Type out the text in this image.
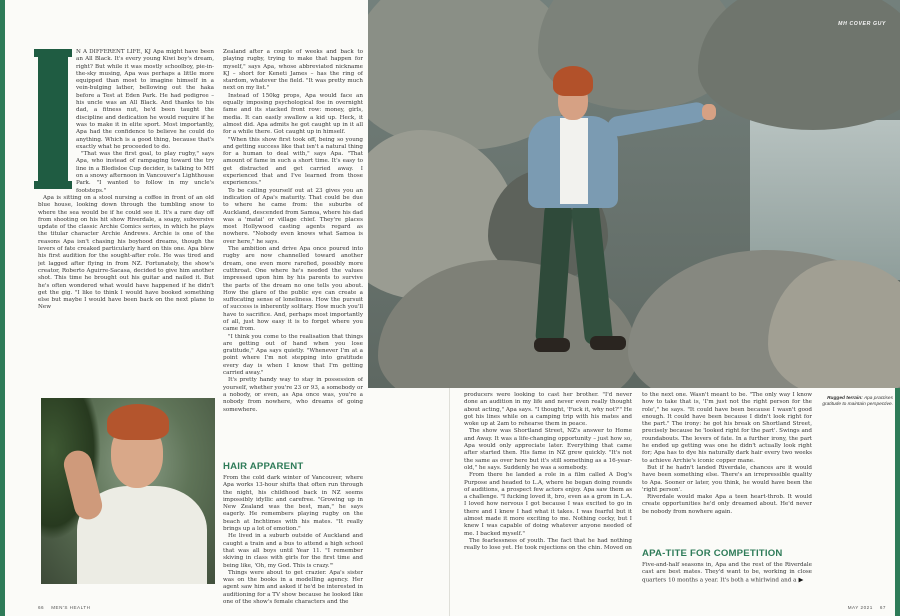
N A DIFFERENT LIFE, KJ Apa might have been an All Black. It's every young Kiwi boy's dream, right? But while it was mostly schoolboy, pie-in-the-sky musing, Apa was perhaps a little more equipped than most to imagine himself in a vein-bulging lather, bellowing out the haka before a Test at Eden Park. He had pedigree – his uncle was an All Black. And thanks to his dad, a fitness nut, he'd been taught the discipline and dedication he would require if he was to make it in elite sport. Most importantly, Apa had the confidence to believe he could do anything. Which is a good thing, because that's exactly what he proceeded to do.

"That was the first goal, to play rugby," says Apa, who instead of rampaging toward the try line in a Bledisloe Cup decider, is talking to MH on a snowy afternoon in Vancouver's Lighthouse Park. "I wanted to follow in my uncle's footsteps."

Apa is sitting on a stool nursing a coffee in front of an old blue house, looking down through the tumbling snow to where the sea would be if he could see it. It's a rare day off from shooting on his hit show Riverdale, a soapy, subversive update of the classic Archie Comics series, in which he plays the titular character Archie Andrews. Archie is one of the reasons Apa isn't chasing his boyhood dreams, though the levers of fate creaked particularly hard on this one. Apa blew his first audition for the sought-after role. He was tired and jet lagged after flying in from NZ. Fortunately, the show's creator, Roberto Aguirre-Sacasa, decided to give him another shot. This time he brought out his guitar and nailed it. But he's often wondered what would have happened if he didn't get the gig. "I like to think I would have booked something else but maybe I would have been back on the next plane to New

Zealand after a couple of weeks and back to playing rugby, trying to make that happen for myself," says Apa, whose abbreviated nickname KJ – short for Keneti James – has the ring of stardom, whatever the field. "It was pretty much next on my list."

Instead of 150kg props, Apa would face an equally imposing psychological foe in overnight fame and its stacked front row: money, girls, media. It can easily swallow a kid up. Heck, it almost did. Apa admits he got caught up in it all for a while there. Got caught up in himself.

"When this show first took off, being so young and getting success like that isn't a natural thing for a human to deal with," says Apa. "That amount of fame in such a short time. It's easy to get distracted and get carried away. I experienced that and I've learned from those experiences."

To be calling yourself out at 23 gives you an indication of Apa's maturity. That could be due to where he came from: the suburbs of Auckland, descended from Samoa, where his dad was a 'matai' or village chief. They're places most Hollywood casting agents regard as nowhere. "Nobody even knows what Samoa is over here," he says.

The ambition and drive Apa once poured into rugby are now channelled toward another dream, one even more rarefied, possibly more cutthroat. One where he's needed the values impressed upon him by his parents to survive the parts of the dream no one tells you about. How the glare of the public eye can create a suffocating sense of loneliness. How the pursuit of success is inherently solitary. How much you'll have to sacrifice. And, perhaps most importantly of all, just how easy it is to forget where you came from.

"I think you come to the realisation that things are getting out of hand when you lose gratitude," Apa says quietly. "Whenever I'm at a point where I'm not stepping into gratitude every day is when I know that I'm getting carried away."

It's pretty handy way to stay in possession of yourself, whether you're 23 or 93, a somebody or a nobody, or even, as Apa once was, you're a nobody from nowhere, who dreams of going somewhere.

HAIR APPARENT

From the cold dark winter of Vancouver, where Apa works 13-hour shifts that often run through the night, his childhood back in NZ seems impossibly idyllic and carefree. "Growing up in New Zealand was the best, man," he says eagerly. He remembers playing rugby on the beach at Inchtimes with his mates. "It really brings up a lot of emotion."

He lived in a suburb outside of Auckland and caught a train and a bus to attend a high school that was all boys until Year 11. "I remember skiving in class with girls for the first time and being like, 'Oh, my God. This is crazy.'"

Things were about to get crazier. Apa's sister was on the books in a modelling agency. Her agent saw him and asked if he'd be interested in auditioning for a TV show because he looked like one of the show's female characters and the

66 MEN'S HEALTH

producers were looking to cast her brother. "I'd never done an audition in my life and never even really thought about acting," Apa says. "I thought, 'Fuck it, why not?'" He got his lines while on a camping trip with his mates and woke up at 2am to rehearse them in peace.

The show was Shortland Street, NZ's answer to Home and Away. It was a life-changing opportunity – just how so, Apa would only appreciate later. Everything that came after started then. His fame in NZ grew quickly. "It's not the same as over here but it's still something as a 16-year-old," he says. Suddenly he was a somebody.

From there he landed a role in a film called A Dog's Purpose and headed to L.A, where he began doing rounds of auditions, a prospect few actors enjoy. Apa saw them as a challenge. "I fucking loved it, bro, even as a grom in L.A. I loved how nervous I got because I was excited to go in there and I knew I had what it takes. I was fearful but it almost made it more exciting to me. Nothing cocky, but I knew I was capable of doing whatever anyone needed of me. I backed myself."

The fearlessness of youth. The fact that he had nothing really to lose yet. He took rejections on the chin. Moved on

to the next one. Wasn't meant to be. "The only way I know how to take that is, 'I'm just not the right person for the role'," he says. "It could have been because I wasn't good enough. It could have been because I didn't look right for the part." The irony: he got his break on Shortland Street, precisely because he 'looked right for the part'. Swings and roundabouts. The levers of fate. In a further irony, the part he ended up getting was one he didn't actually look right for; Apa has to dye his naturally dark hair every two weeks to achieve Archie's iconic copper mane.

But if he hadn't landed Riverdale, chances are it would have been something else. There's an irrepressible quality to Apa. Sooner or later, you think, he would have been the 'right person'.

Riverdale would make Apa a teen heart-throb. It would create opportunities he'd only dreamed about. He'd never be nobody from nowhere again.

APA-TITE FOR COMPETITION

Five-and-half seasons in, Apa and the rest of the Riverdale cast are best mates. They'd want to be, working in close quarters 10 months a year. It's both a whirlwind and a

MAY 2021 67
MH COVER GUY
Rugged terrain: Apa practises gratitude to maintain perspective.
